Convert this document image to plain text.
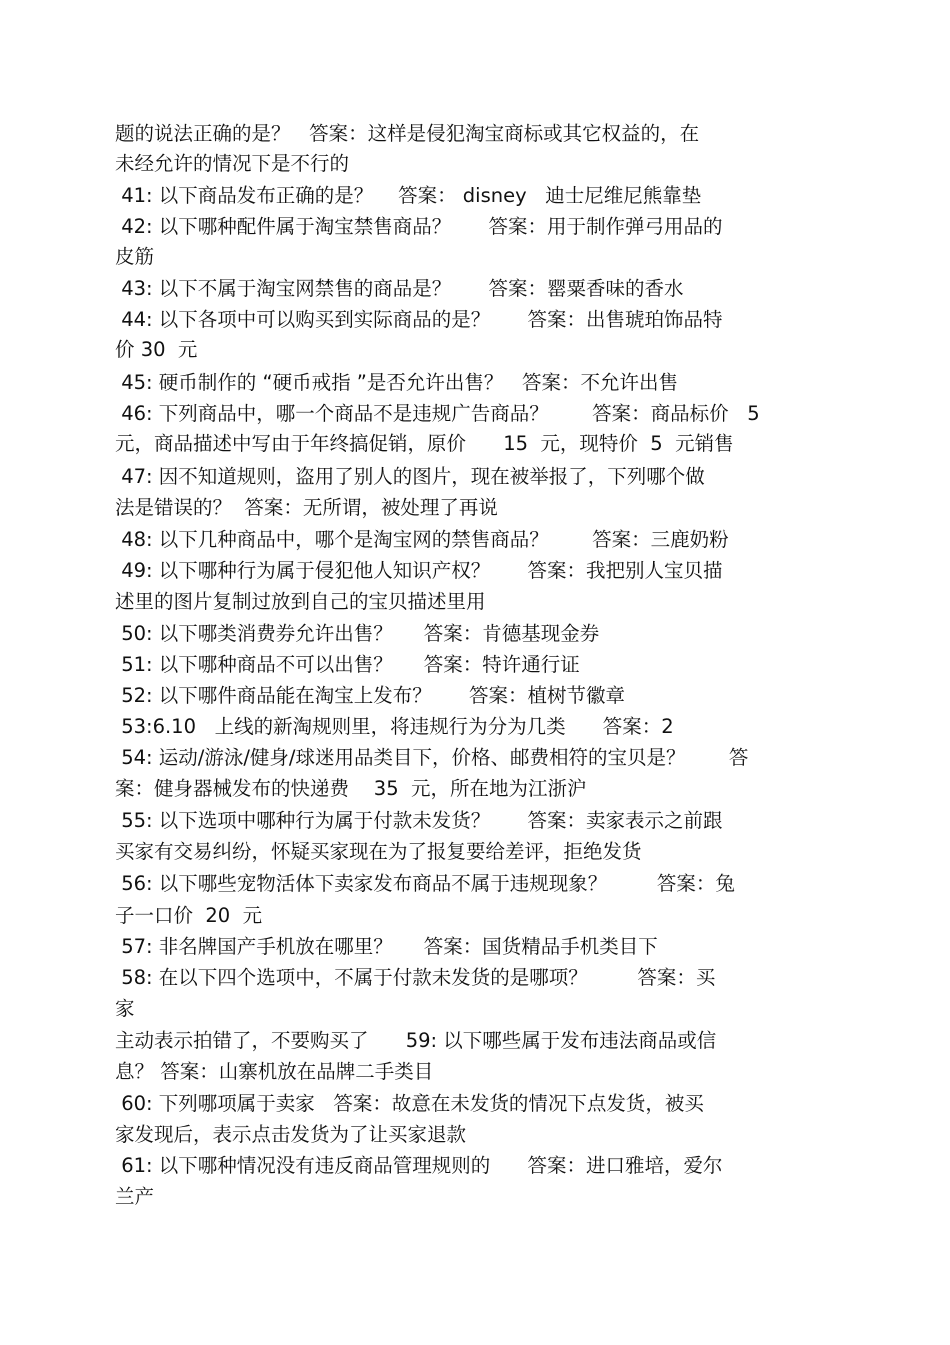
题的说法正确的是？   答案：这样是侵犯淘宝商标或其它权益的，在
未经允许的情况下是不行的
41: 以下商品发布正确的是？    答案： disney   迪士尼维尼熊靠垫
42: 以下哪种配件属于淘宝禁售商品？      答案：用于制作弹弓用品的
皮筋
43: 以下不属于淘宝网禁售的商品是？      答案：罂粟香味的香水
44: 以下各项中可以购买到实际商品的是？      答案：出售琥珀饰品特
价 30  元
45: 硬币制作的 “硬币戒指 ”是否允许出售？   答案：不允许出售
46: 下列商品中，哪一个商品不是违规广告商品？       答案：商品标价   5
元，商品描述中写由于年终搞促销，原价      15  元，现特价  5  元销售
47: 因不知道规则，盗用了别人的图片，现在被举报了，下列哪个做
法是错误的？  答案：无所谓，被处理了再说
48: 以下几种商品中，哪个是淘宝网的禁售商品？       答案：三鹿奶粉
49: 以下哪种行为属于侵犯他人知识产权？      答案：我把别人宝贝描
述里的图片复制过放到自己的宝贝描述里用
50: 以下哪类消费券允许出售？     答案：肯德基现金券
51: 以下哪种商品不可以出售？     答案：特许通行证
52: 以下哪件商品能在淘宝上发布？      答案：植树节徽章
53:6.10   上线的新淘规则里，将违规行为分为几类      答案：2
54: 运动/游泳/健身/球迷用品类目下，价格、邮费相符的宝贝是？       答
案：健身器械发布的快递费    35  元，所在地为江浙沪
55: 以下选项中哪种行为属于付款未发货？      答案：卖家表示之前跟
买家有交易纠纷，怀疑买家现在为了报复要给差评，拒绝发货
56: 以下哪些宠物活体下卖家发布商品不属于违规现象？        答案：兔
子一口价  20  元
57: 非名牌国产手机放在哪里？     答案：国货精品手机类目下
58: 在以下四个选项中，不属于付款未发货的是哪项？        答案：买
家
主动表示拍错了，不要购买了      59: 以下哪些属于发布违法商品或信
息？ 答案：山寨机放在品牌二手类目
60: 下列哪项属于卖家   答案：故意在未发货的情况下点发货，被买
家发现后，表示点击发货为了让买家退款
61: 以下哪种情况没有违反商品管理规则的      答案：进口雅培，爱尔
兰产
